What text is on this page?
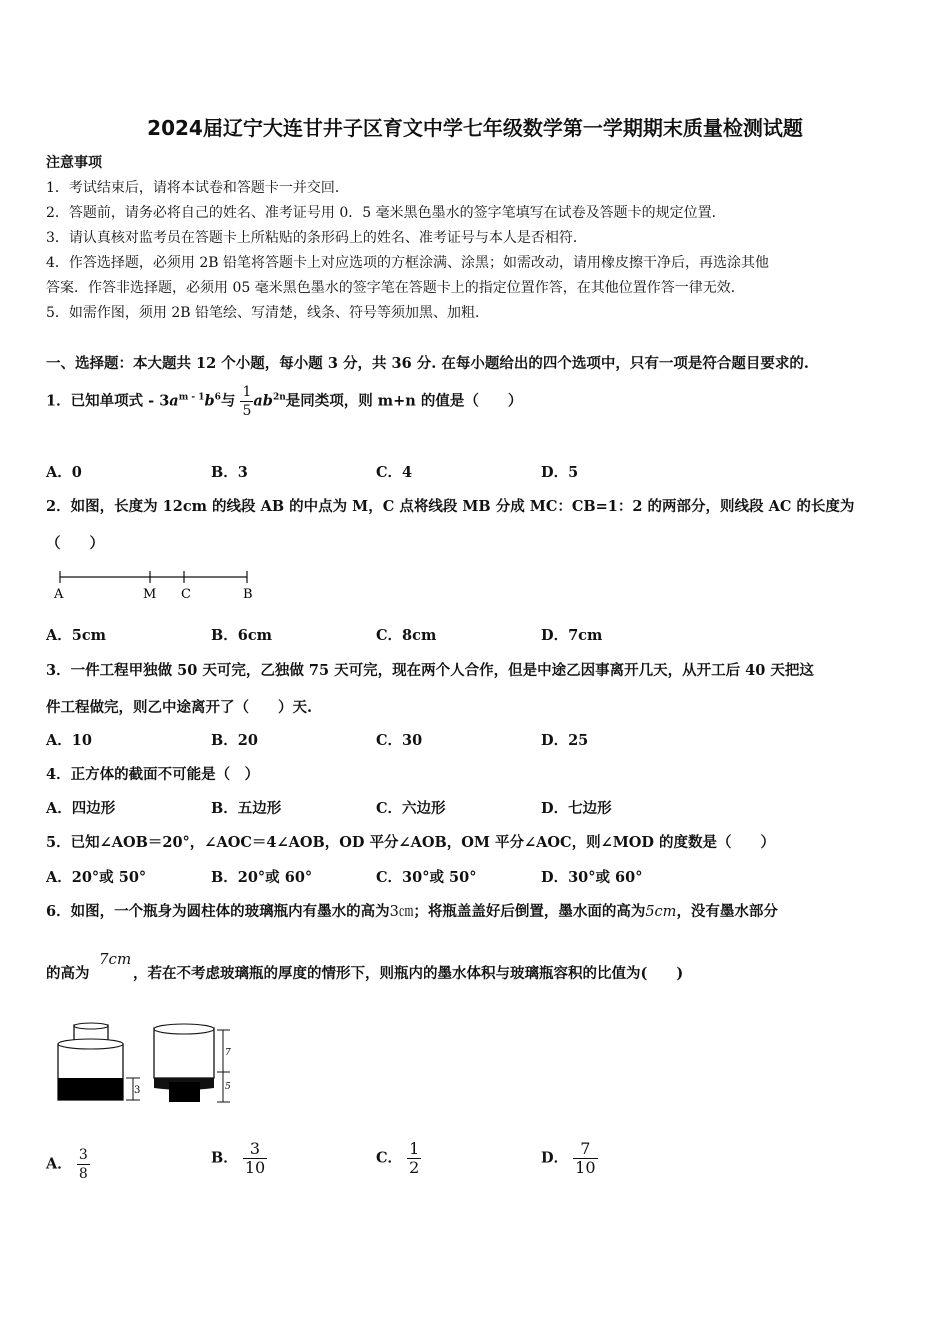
2024届辽宁大连甘井子区育文中学七年级数学第一学期期末质量检测试题
注意事项
1．考试结束后，请将本试卷和答题卡一并交回．
2．答题前，请务必将自己的姓名、准考证号用 0．5 毫米黑色墨水的签字笔填写在试卷及答题卡的规定位置．
3．请认真核对监考员在答题卡上所粘贴的条形码上的姓名、准考证号与本人是否相符．
4．作答选择题，必须用 2B 铅笔将答题卡上对应选项的方框涂满、涂黑；如需改动，请用橡皮擦干净后，再选涂其他
答案．作答非选择题，必须用 05 毫米黑色墨水的签字笔在答题卡上的指定位置作答，在其他位置作答一律无效．
5．如需作图，须用 2B 铅笔绘、写清楚，线条、符号等须加黑、加粗．
一、选择题：本大题共 12 个小题，每小题 3 分，共 36 分. 在每小题给出的四个选项中，只有一项是符合题目要求的.
1．已知单项式 - $3a^{m - 1}b^6$与 $\frac{1}{5} ab^{2n}$是同类项，则 m+n 的值是（　　）
A．0	B．3	C．4	D．5
2．如图，长度为 12cm 的线段 AB 的中点为 M，C 点将线段 MB 分成 MC：CB=1：2 的两部分，则线段 AC 的长度为
（　　）
A	M C	B
A．5cm	B．6cm	C．8cm	D．7cm
3．一件工程甲独做 50 天可完，乙独做 75 天可完，现在两个人合作，但是中途乙因事离开几天，从开工后 40 天把这
件工程做完，则乙中途离开了（　　）天.
A．10	B．20	C．30	D．25
4．正方体的截面不可能是（　）
A．四边形	B．五边形	C．六边形	D．七边形
5．已知∠AOB＝20°，∠AOC＝4∠AOB，OD 平分∠AOB，OM 平分∠AOC，则∠MOD 的度数是（　　）
A．20°或 50°	B．20°或 60°	C．30°或 50°	D．30°或 60°
6．如图，一个瓶身为圆柱体的玻璃瓶内有墨水的高为3㎝；将瓶盖盖好后倒置，墨水面的高为5cm，没有墨水部分
的高为
7cm
，若在不考虑玻璃瓶的厚度的情形下，则瓶内的墨水体积与玻璃瓶容积的比值为(　　)
3
7
5
A． $\frac{3}{8}$	B． $\frac{3}{10}$	C． $\frac{1}{2}$	D． $\frac{7}{10}$
